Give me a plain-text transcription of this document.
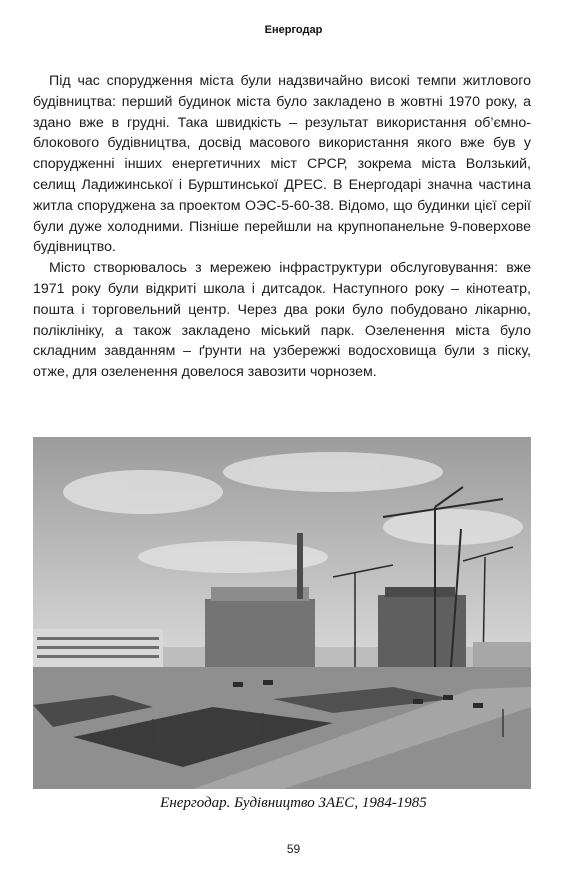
Енергодар

Під час спорудження міста були надзвичайно високі темпи житлового будівництва: перший будинок міста було закладено в жовтні 1970 року, а здано вже в грудні. Така швидкість – результат використання об’ємно-блокового будівництва, досвід масового використання якого вже був у спорудженні інших енергетичних міст СРСР, зокрема міста Волзький, селищ Ладижинської і Бурштинської ДРЕС. В Енергодарі значна частина житла споруджена за проектом ОЭС-5-60-38. Відомо, що будинки цієї серії були дуже холодними. Пізніше перейшли на крупнопанельне 9-поверхове будівництво.

Місто створювалось з мережею інфраструктури обслуговування: вже 1971 року були відкриті школа і дитсадок. Наступного року – кінотеатр, пошта і торговельний центр. Через два роки було побудовано лікарню, поліклініку, а також закладено міський парк. Озеленення міста було складним завданням – ґрунти на узбережжі водосховища були з піску, отже, для озеленення довелося завозити чорнозем.

Енергодар. Будівництво ЗАЕС, 1984-1985
59
